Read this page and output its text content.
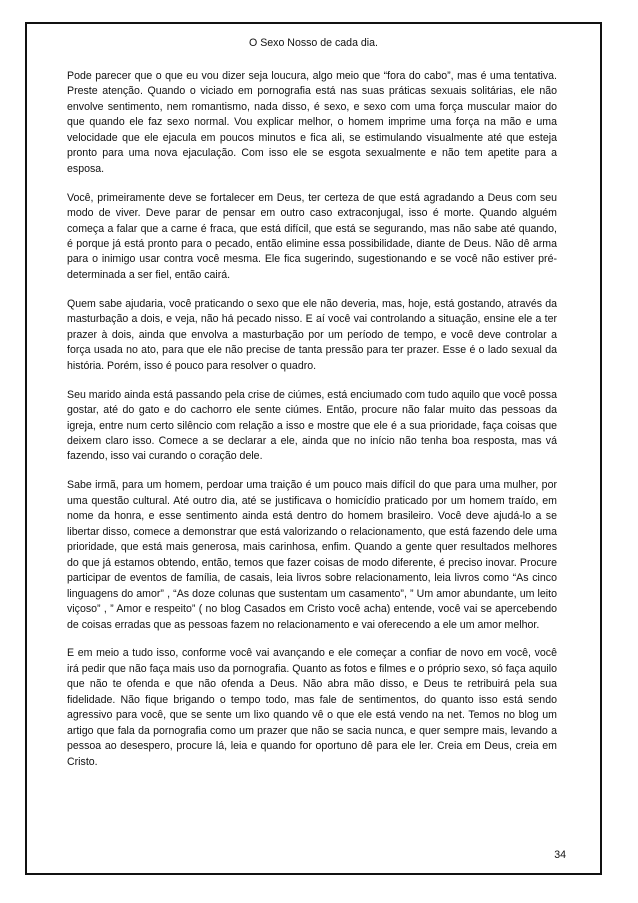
O Sexo Nosso de cada dia.

Pode parecer que o que eu vou dizer seja loucura, algo meio que “fora do cabo”, mas é uma tentativa. Preste atenção. Quando o viciado em pornografia está nas suas práticas sexuais solitárias, ele não envolve sentimento, nem romantismo, nada disso, é sexo, e sexo com uma força muscular maior do que quando ele faz sexo normal. Vou explicar melhor, o homem imprime uma força na mão e uma velocidade que ele ejacula em poucos minutos e fica ali, se estimulando visualmente até que esteja pronto para uma nova ejaculação. Com isso ele se esgota sexualmente e não tem apetite para a esposa.

Você, primeiramente deve se fortalecer em Deus, ter certeza de que está agradando a Deus com seu modo de viver. Deve parar de pensar em outro caso extraconjugal, isso é morte. Quando alguém começa a falar que a carne é fraca, que está difícil, que está se segurando, mas não sabe até quando, é porque já está pronto para o pecado, então elimine essa possibilidade, diante de Deus. Não dê arma para o inimigo usar contra você mesma. Ele fica sugerindo, sugestionando e se você não estiver pré-determinada a ser fiel, então cairá.

Quem sabe ajudaria, você praticando o sexo que ele não deveria, mas, hoje, está gostando, através da masturbação a dois, e veja, não há pecado nisso. E aí você vai controlando a situação, ensine ele a ter prazer à dois, ainda que envolva a masturbação por um período de tempo, e você deve controlar a força usada no ato, para que ele não precise de tanta pressão para ter prazer. Esse é o lado sexual da história. Porém, isso é pouco para resolver o quadro.

Seu marido ainda está passando pela crise de ciúmes, está enciumado com tudo aquilo que você possa gostar, até do gato e do cachorro ele sente ciúmes. Então, procure não falar muito das pessoas da igreja, entre num certo silêncio com relação a isso e mostre que ele é a sua prioridade, faça coisas que deixem claro isso. Comece a se declarar a ele, ainda que no início não tenha boa resposta, mas vá fazendo, isso vai curando o coração dele.

Sabe irmã, para um homem, perdoar uma traição é um pouco mais difícil do que para uma mulher, por uma questão cultural. Até outro dia, até se justificava o homicídio praticado por um homem traído, em nome da honra, e esse sentimento ainda está dentro do homem brasileiro. Você deve ajudá-lo a se libertar disso, comece a demonstrar que está valorizando o relacionamento, que está fazendo dele uma prioridade, que está mais generosa, mais carinhosa, enfim. Quando a gente quer resultados melhores do que já estamos obtendo, então, temos que fazer coisas de modo diferente, é preciso inovar. Procure participar de eventos de família, de casais, leia livros sobre relacionamento, leia livros como “As cinco linguagens do amor” , “As doze colunas que sustentam um casamento”, ” Um amor abundante, um leito viçoso” , ” Amor e respeito” ( no blog Casados em Cristo você acha) entende, você vai se apercebendo de coisas erradas que as pessoas fazem no relacionamento e vai oferecendo a ele um amor melhor.

E em meio a tudo isso, conforme você vai avançando e ele começar a confiar de novo em você, você irá pedir que não faça mais uso da pornografia. Quanto as fotos e filmes e o próprio sexo, só faça aquilo que não te ofenda e que não ofenda a Deus. Não abra mão disso, e Deus te retribuirá pela sua fidelidade. Não fique brigando o tempo todo, mas fale de sentimentos, do quanto isso está sendo agressivo para você, que se sente um lixo quando vê o que ele está vendo na net. Temos no blog um artigo que fala da pornografia como um prazer que não se sacia nunca, e quer sempre mais, levando a pessoa ao desespero, procure lá, leia e quando for oportuno dê para ele ler. Creia em Deus, creia em Cristo.

34
